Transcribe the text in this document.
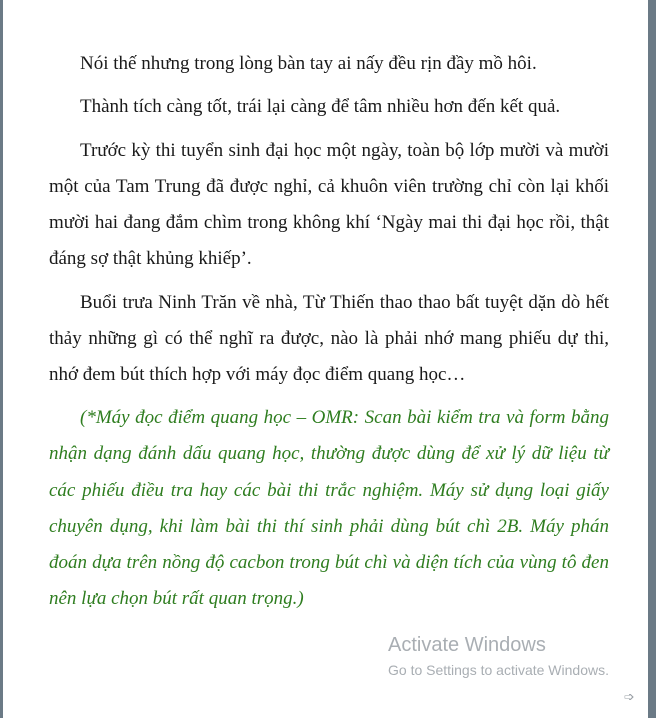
Nói thế nhưng trong lòng bàn tay ai nấy đều rịn đầy mồ hôi.

Thành tích càng tốt, trái lại càng để tâm nhiều hơn đến kết quả.

Trước kỳ thi tuyển sinh đại học một ngày, toàn bộ lớp mười và mười một của Tam Trung đã được nghỉ, cả khuôn viên trường chỉ còn lại khối mười hai đang đắm chìm trong không khí ‘Ngày mai thi đại học rồi, thật đáng sợ thật khủng khiếp’.

Buổi trưa Ninh Trăn về nhà, Từ Thiến thao thao bất tuyệt dặn dò hết thảy những gì có thể nghĩ ra được, nào là phải nhớ mang phiếu dự thi, nhớ đem bút thích hợp với máy đọc điểm quang học…

(*Máy đọc điểm quang học – OMR: Scan bài kiểm tra và form bằng nhận dạng đánh dấu quang học, thường được dùng để xử lý dữ liệu từ các phiếu điều tra hay các bài thi trắc nghiệm. Máy sử dụng loại giấy chuyên dụng, khi làm bài thi thí sinh phải dùng bút chì 2B. Máy phán đoán dựa trên nồng độ cacbon trong bút chì và diện tích của vùng tô đen nên lựa chọn bút rất quan trọng.)

Activate Windows
Go to Settings to activate Windows.
➩
